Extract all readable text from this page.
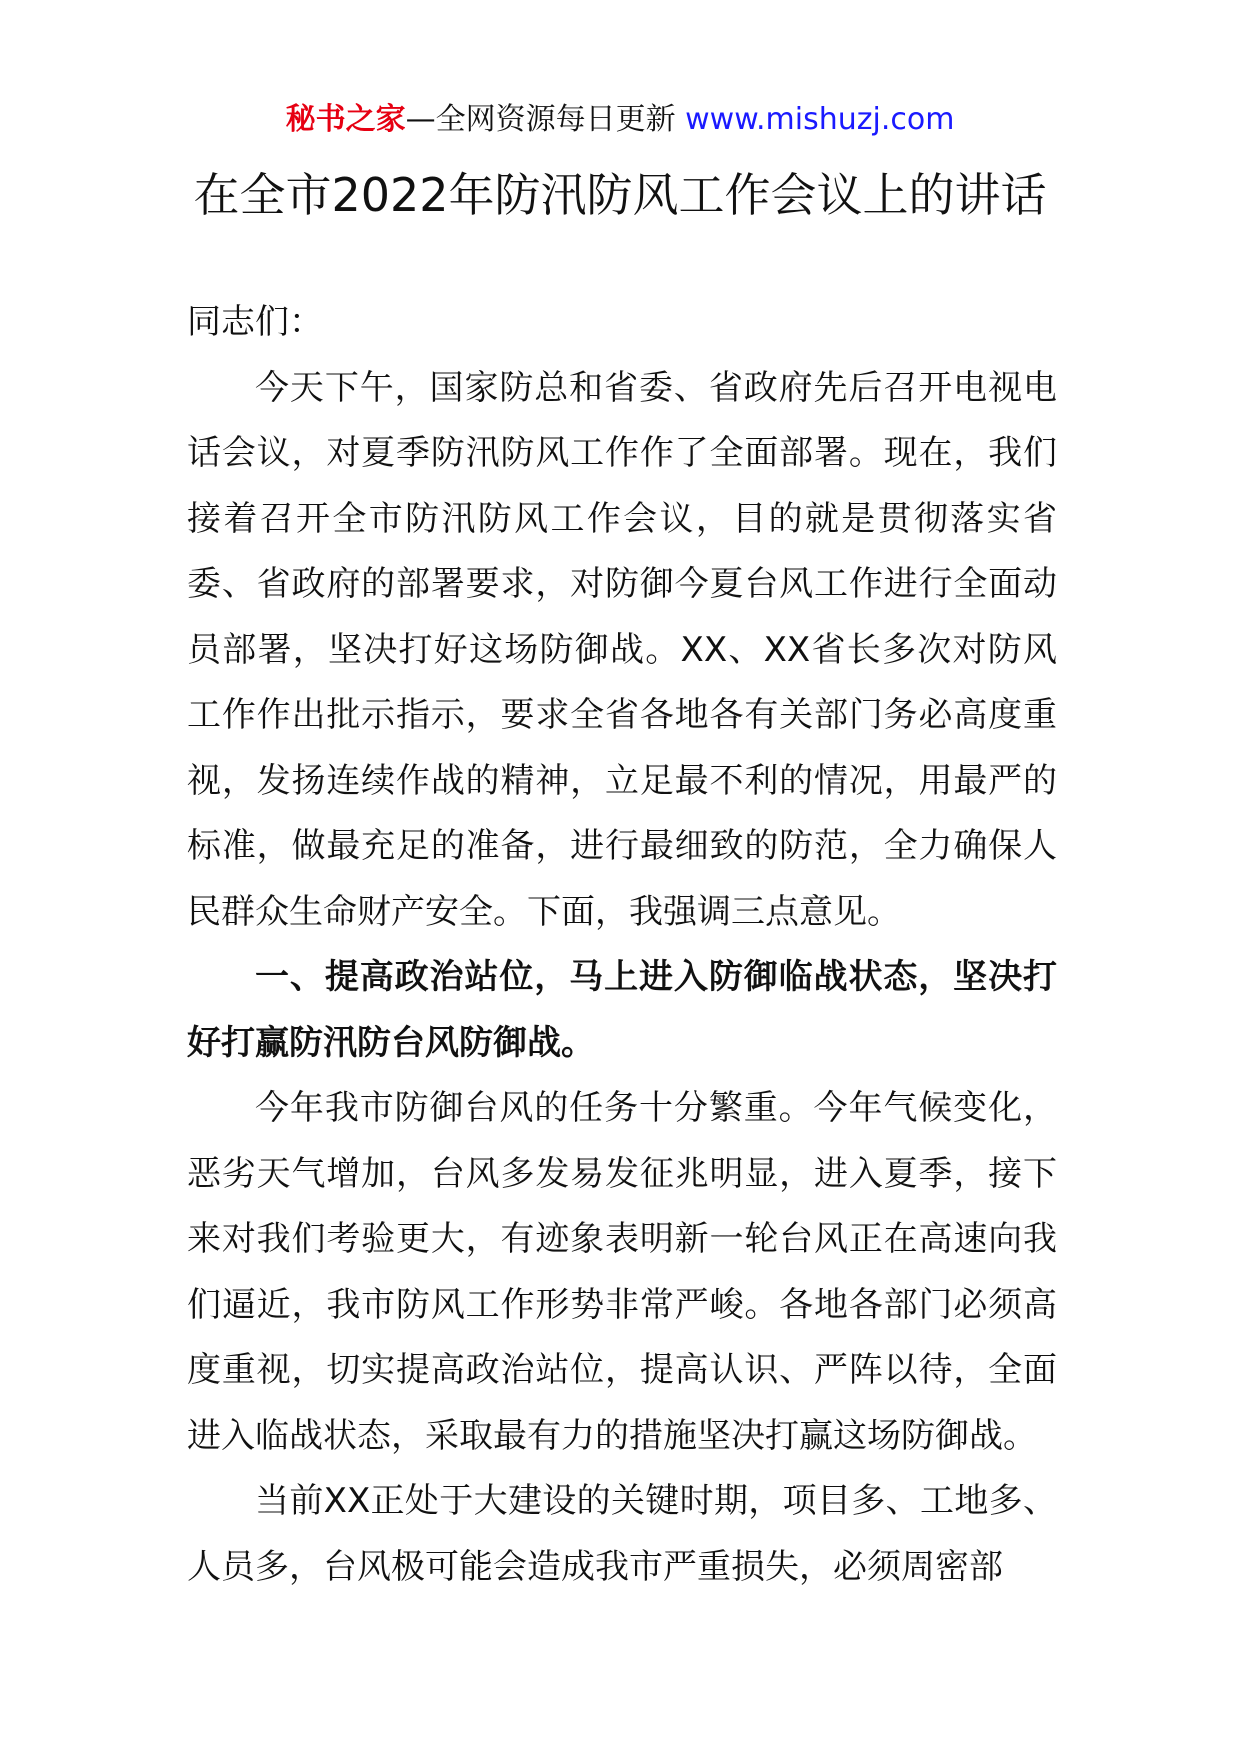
秘书之家—全网资源每日更新 www.mishuzj.com
在全市2022年防汛防风工作会议上的讲话

同志们：

今天下午，国家防总和省委、省政府先后召开电视电话会议，对夏季防汛防风工作作了全面部署。现在，我们接着召开全市防汛防风工作会议，目的就是贯彻落实省委、省政府的部署要求，对防御今夏台风工作进行全面动员部署，坚决打好这场防御战。XX、XX省长多次对防风工作作出批示指示，要求全省各地各有关部门务必高度重视，发扬连续作战的精神，立足最不利的情况，用最严的标准，做最充足的准备，进行最细致的防范，全力确保人民群众生命财产安全。下面，我强调三点意见。

一、提高政治站位，马上进入防御临战状态，坚决打好打赢防汛防台风防御战。

今年我市防御台风的任务十分繁重。今年气候变化，恶劣天气增加，台风多发易发征兆明显，进入夏季，接下来对我们考验更大，有迹象表明新一轮台风正在高速向我们逼近，我市防风工作形势非常严峻。各地各部门必须高度重视，切实提高政治站位，提高认识、严阵以待，全面进入临战状态，采取最有力的措施坚决打赢这场防御战。

当前XX正处于大建设的关键时期，项目多、工地多、人员多，台风极可能会造成我市严重损失，必须周密部
